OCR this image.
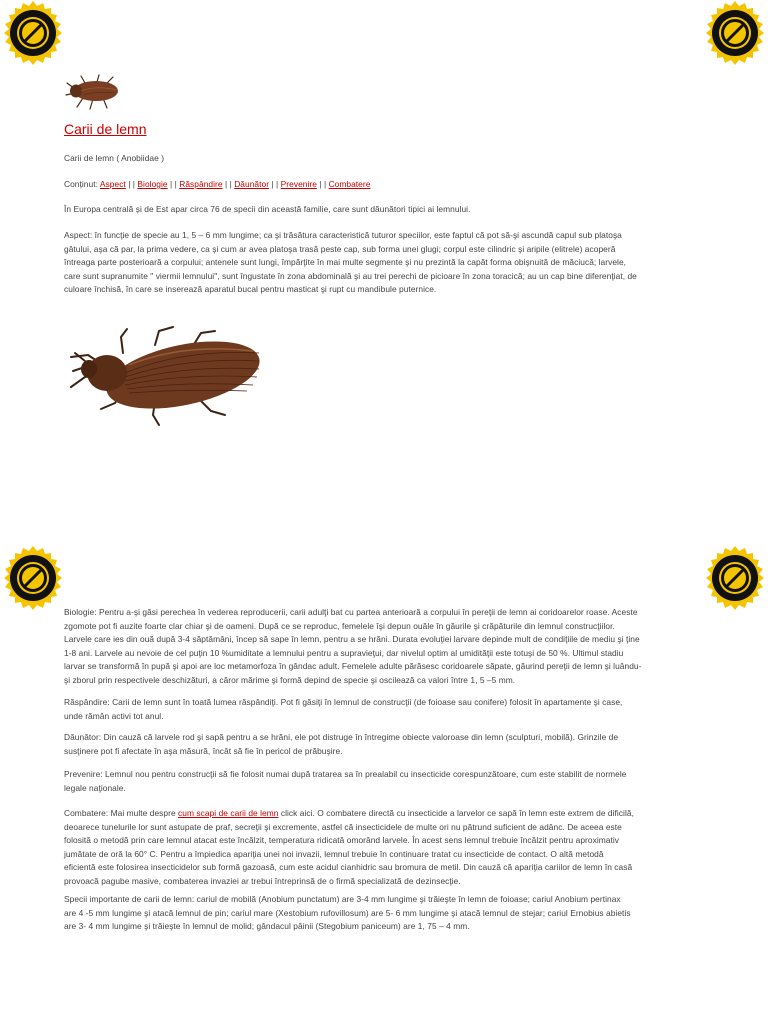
Carii de lemn
Carii de lemn ( Anobiidae )
Conținut: Aspect | | Biologie | | Răspândire | | Dăunător | | Prevenire | | Combatere
În Europa centrală și de Est apar circa 76 de specii din această familie, care sunt dăunători tipici ai lemnului.
Aspect: în funcţie de specie au 1, 5 – 6 mm lungime; ca şi trăsătura caracteristică tuturor speciilor, este faptul că pot să-şi ascundă capul sub platoşa
gâtului, aşa că par, la prima vedere, ca şi cum ar avea platoşa trasă peste cap, sub forma unei glugi; corpul este cilindric şi aripile (elitrele) acoperă
întreaga parte posterioară a corpului; antenele sunt lungi, împărţite în mai multe segmente şi nu prezintă la capăt forma obişnuită de măciucă; larvele,
care sunt supranumite " viermii lemnului", sunt îngustate în zona abdominală şi au trei perechi de picioare în zona toracică; au un cap bine diferenţiat, de
culoare închisă, în care se inserează aparatul bucal pentru masticat şi rupt cu mandibule puternice.
Biologie: Pentru a-şi găsi perechea în vederea reproducerii, carii adulţi bat cu partea anterioară a corpului în pereţii de lemn ai coridoarelor roase. Aceste
zgomote pot fi auzite foarte clar chiar şi de oameni. După ce se reproduc, femelele îşi depun ouăle în găurile şi crăpăturile din lemnul construcţiilor.
Larvele care ies din ouă după 3-4 săptămâni, încep să sape în lemn, pentru a se hrăni. Durata evoluţiei larvare depinde mult de condiţiile de mediu şi ţine
1-8 ani. Larvele au nevoie de cel puţin 10 %umiditate a lemnului pentru a supravieţui, dar nivelul optim al umidităţii este totuşi de 50 %. Ultimul stadiu
larvar se transformă în pupă şi apoi are loc metamorfoza în gândac adult. Femelele adulte părăsesc coridoarele săpate, găurind pereţii de lemn şi luându-
şi zborul prin respectivele deschizături, a căror mărime şi formă depind de specie şi oscilează ca valori între 1, 5 –5 mm.
Răspândire: Carii de lemn sunt în toată lumea răspândiţi. Pot fi găsiţi în lemnul de construcţii (de foioase sau conifere) folosit în apartamente şi case,
unde rămân activi tot anul.
Dăunător: Din cauză că larvele rod şi sapă pentru a se hrăni, ele pot distruge în întregime obiecte valoroase din lemn (sculpturi, mobilă). Grinzile de
susţinere pot fi afectate în aşa măsură, încât să fie în pericol de prăbuşire.
Prevenire: Lemnul nou pentru construcţii să fie folosit numai după tratarea sa în prealabil cu insecticide corespunzătoare, cum este stabilit de normele
legale naţionale.
Combatere: Mai multe despre cum scapi de carii de lemn click aici. O combatere directă cu insecticide a larvelor ce sapă în lemn este extrem de dificilă,
deoarece tunelurile lor sunt astupate de praf, secreţii şi excremente, astfel că insecticidele de multe ori nu pătrund suficient de adânc. De aceea este
folosită o metodă prin care lemnul atacat este încălzit, temperatura ridicată omorând larvele. În acest sens lemnul trebuie încălzit pentru aproximativ
jumătate de oră la 60° C. Pentru a împiedica apariţia unei noi invazii, lemnul trebuie în continuare tratat cu insecticide de contact. O altă metodă
eficientă este folosirea insecticidelor sub formă gazoasă, cum este acidul cianhidric sau bromura de metil. Din cauză că apariţia cariilor de lemn în casă
provoacă pagube masive, combaterea invaziei ar trebui întreprinsă de o firmă specializată de dezinsecţie.
Specii importante de carii de lemn: cariul de mobilă (Anobium punctatum) are 3-4 mm lungime şi trăieşte în lemn de foioase; cariul Anobium pertinax
are 4 -5 mm lungime şi atacă lemnul de pin; cariul mare (Xestobium rufovillosum) are 5- 6 mm lungime şi atacă lemnul de stejar; cariul Ernobius abietis
are 3- 4 mm lungime şi trăieşte în lemnul de molid; gândacul pâinii (Stegobium paniceum) are 1, 75 – 4 mm.
